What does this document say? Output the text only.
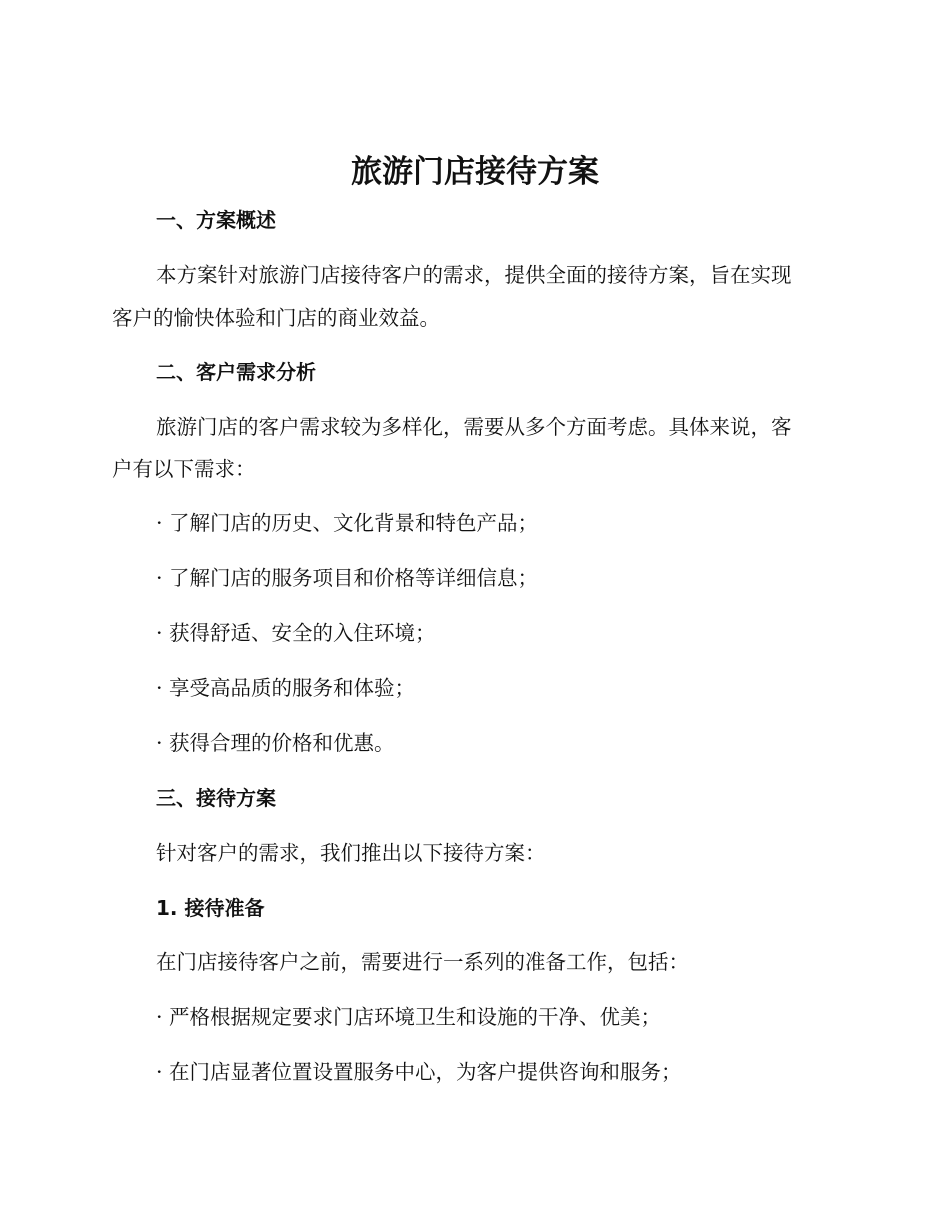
旅游门店接待方案

一、方案概述

本方案针对旅游门店接待客户的需求，提供全面的接待方案，旨在实现

客户的愉快体验和门店的商业效益。

二、客户需求分析

旅游门店的客户需求较为多样化，需要从多个方面考虑。具体来说，客

户有以下需求：

· 了解门店的历史、文化背景和特色产品；

· 了解门店的服务项目和价格等详细信息；

· 获得舒适、安全的入住环境；

· 享受高品质的服务和体验；

· 获得合理的价格和优惠。

三、接待方案

针对客户的需求，我们推出以下接待方案：

1. 接待准备

在门店接待客户之前，需要进行一系列的准备工作，包括：

· 严格根据规定要求门店环境卫生和设施的干净、优美；

· 在门店显著位置设置服务中心，为客户提供咨询和服务；
